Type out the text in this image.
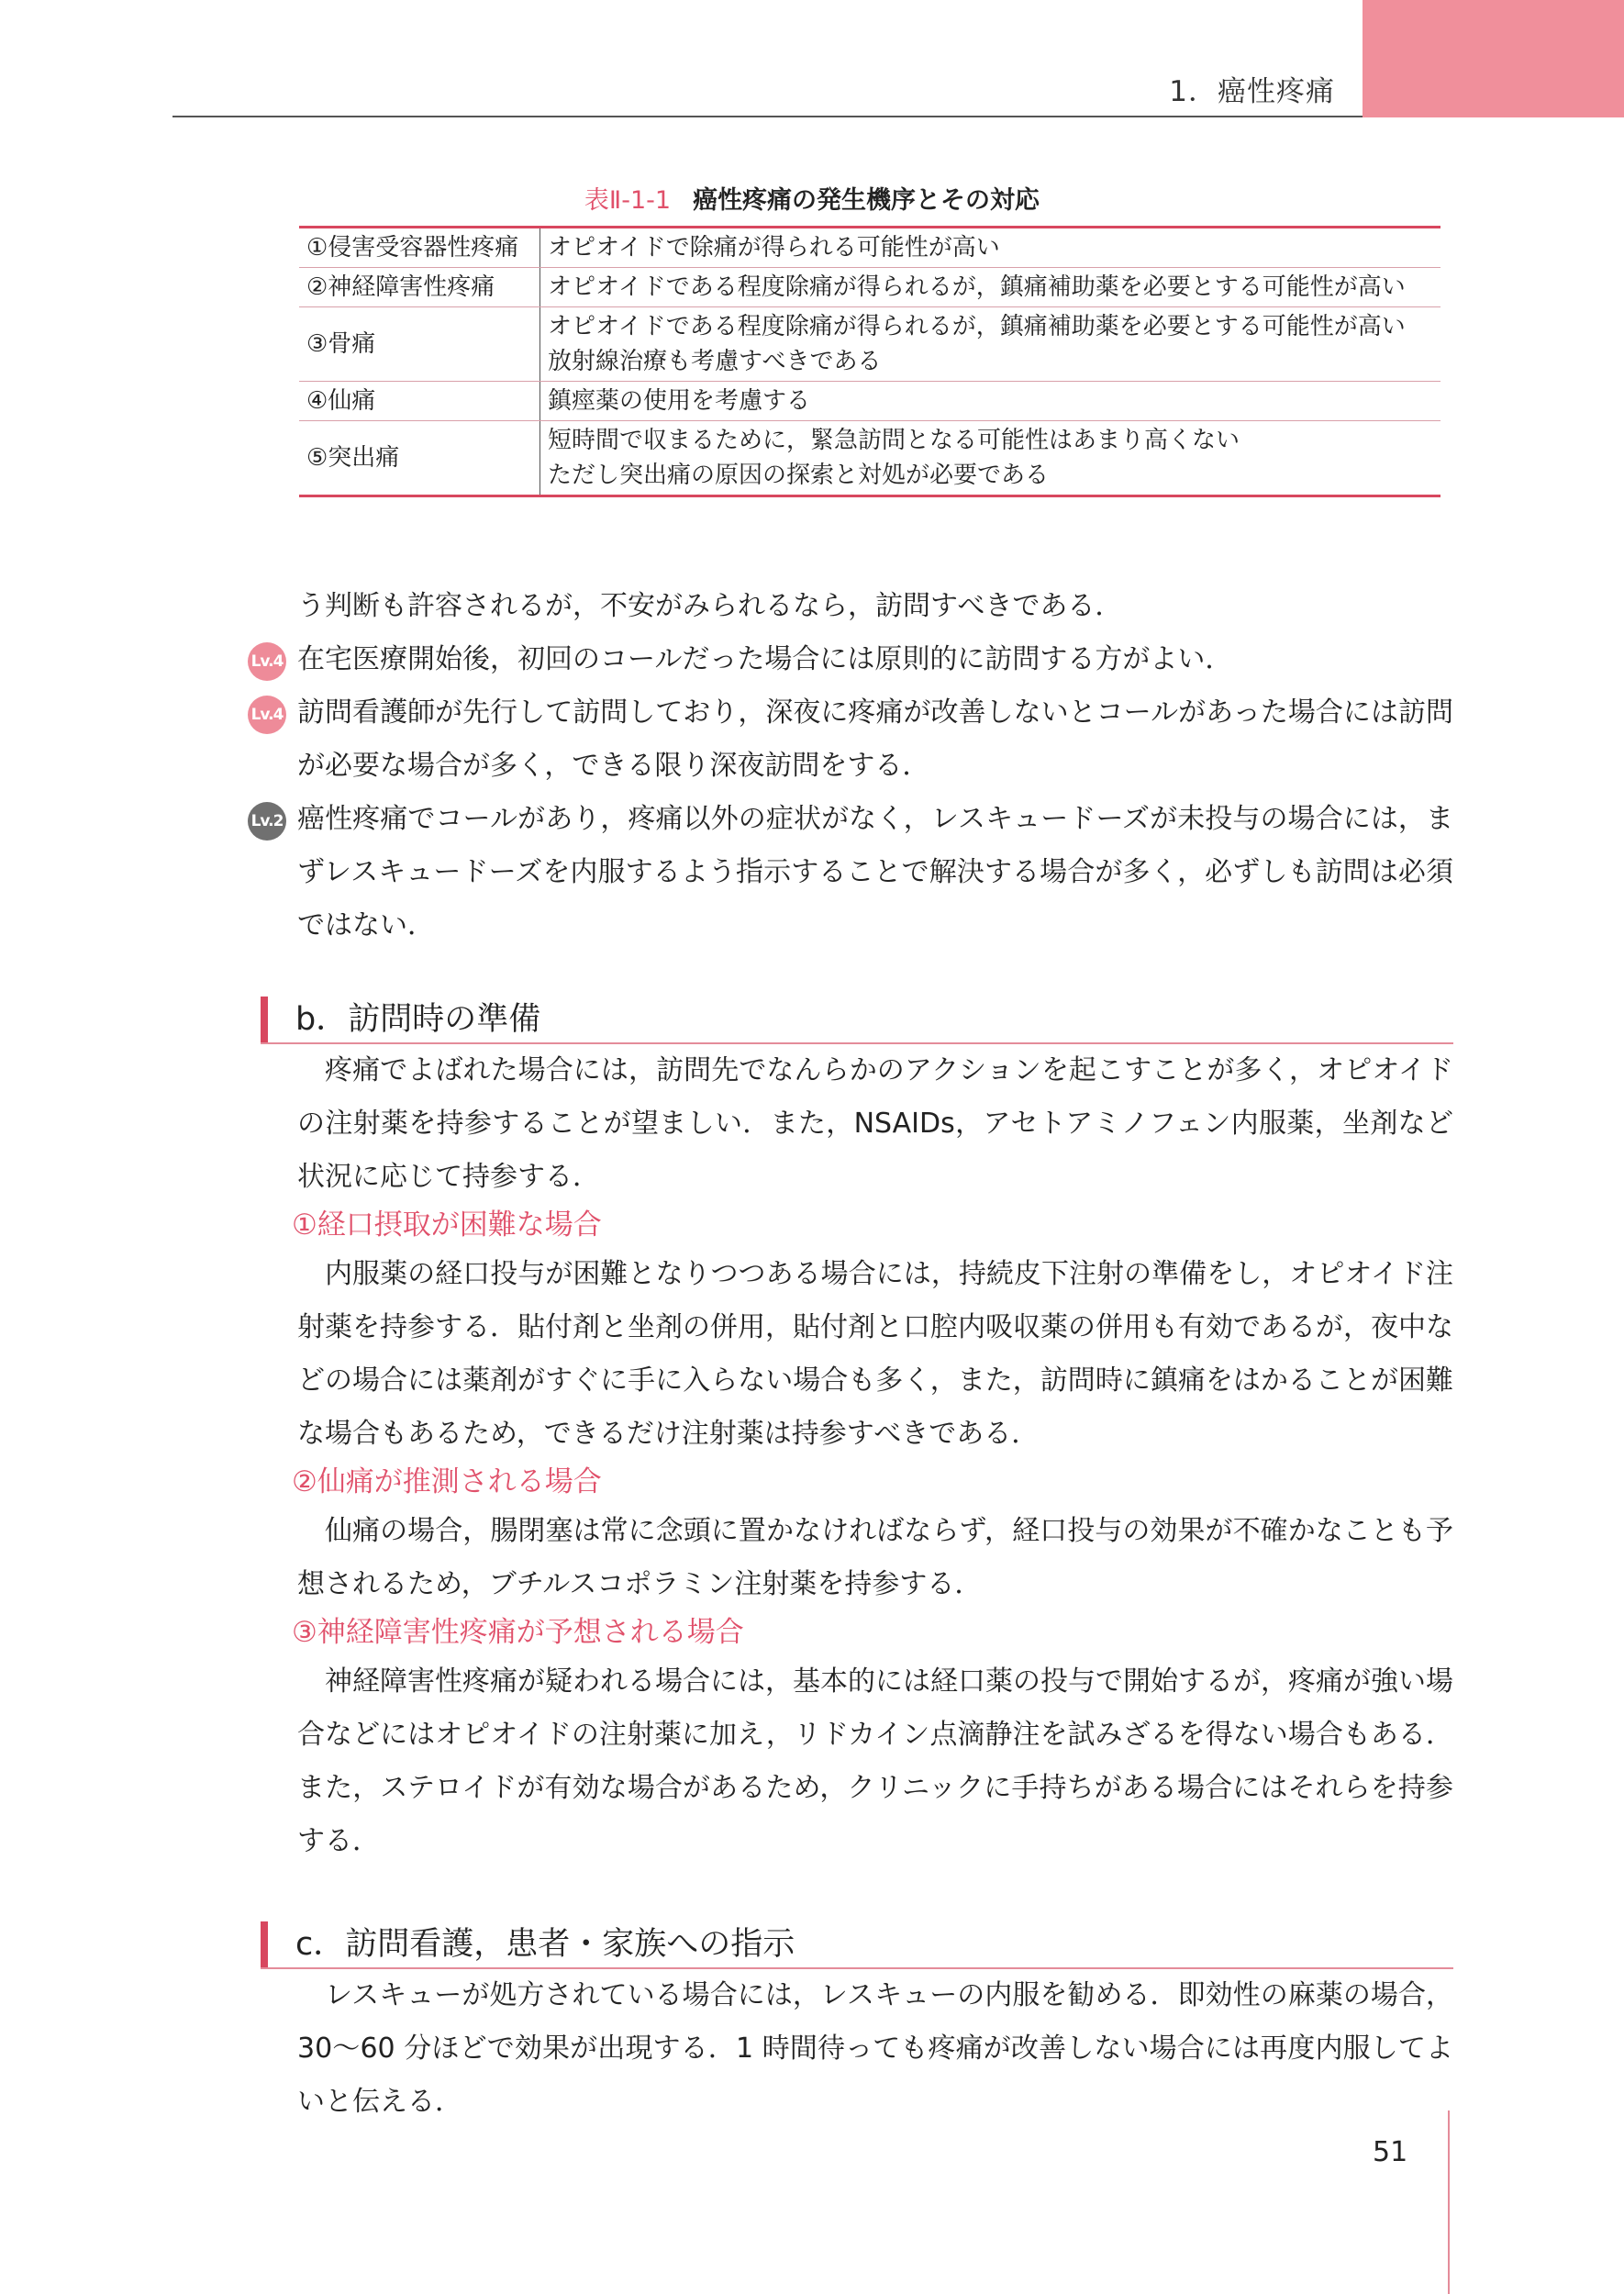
1．癌性疼痛
表Ⅱ-1-1 癌性疼痛の発生機序とその対応
①侵害受容器性疼痛	オピオイドで除痛が得られる可能性が高い
②神経障害性疼痛	オピオイドである程度除痛が得られるが，鎮痛補助薬を必要とする可能性が高い
③骨痛	オピオイドである程度除痛が得られるが，鎮痛補助薬を必要とする可能性が高い
放射線治療も考慮すべきである

④仙痛	鎮痙薬の使用を考慮する
⑤突出痛	短時間で収まるために，緊急訪問となる可能性はあまり高くない
ただし突出痛の原因の探索と対処が必要である
う判断も許容されるが，不安がみられるなら，訪問すべきである．
Lv.4 在宅医療開始後，初回のコールだった場合には原則的に訪問する方がよい．
Lv.4 訪問看護師が先行して訪問しており，深夜に疼痛が改善しないとコールがあった場合には訪問が必要な場合が多く，できる限り深夜訪問をする．
Lv.2 癌性疼痛でコールがあり，疼痛以外の症状がなく，レスキュードーズが未投与の場合には，まずレスキュードーズを内服するよう指示することで解決する場合が多く，必ずしも訪問は必須ではない．
b．訪問時の準備
疼痛でよばれた場合には，訪問先でなんらかのアクションを起こすことが多く，オピオイドの注射薬を持参することが望ましい．また，NSAIDs，アセトアミノフェン内服薬，坐剤など状況に応じて持参する．
①経口摂取が困難な場合
内服薬の経口投与が困難となりつつある場合には，持続皮下注射の準備をし，オピオイド注射薬を持参する．貼付剤と坐剤の併用，貼付剤と口腔内吸収薬の併用も有効であるが，夜中などの場合には薬剤がすぐに手に入らない場合も多く，また，訪問時に鎮痛をはかることが困難な場合もあるため，できるだけ注射薬は持参すべきである．
②仙痛が推測される場合
仙痛の場合，腸閉塞は常に念頭に置かなければならず，経口投与の効果が不確かなことも予想されるため，ブチルスコポラミン注射薬を持参する．
③神経障害性疼痛が予想される場合
神経障害性疼痛が疑われる場合には，基本的には経口薬の投与で開始するが，疼痛が強い場合などにはオピオイドの注射薬に加え，リドカイン点滴静注を試みざるを得ない場合もある．また，ステロイドが有効な場合があるため，クリニックに手持ちがある場合にはそれらを持参する．
c．訪問看護，患者・家族への指示
レスキューが処方されている場合には，レスキューの内服を勧める．即効性の麻薬の場合，30～60 分ほどで効果が出現する．1 時間待っても疼痛が改善しない場合には再度内服してよいと伝える．
51
